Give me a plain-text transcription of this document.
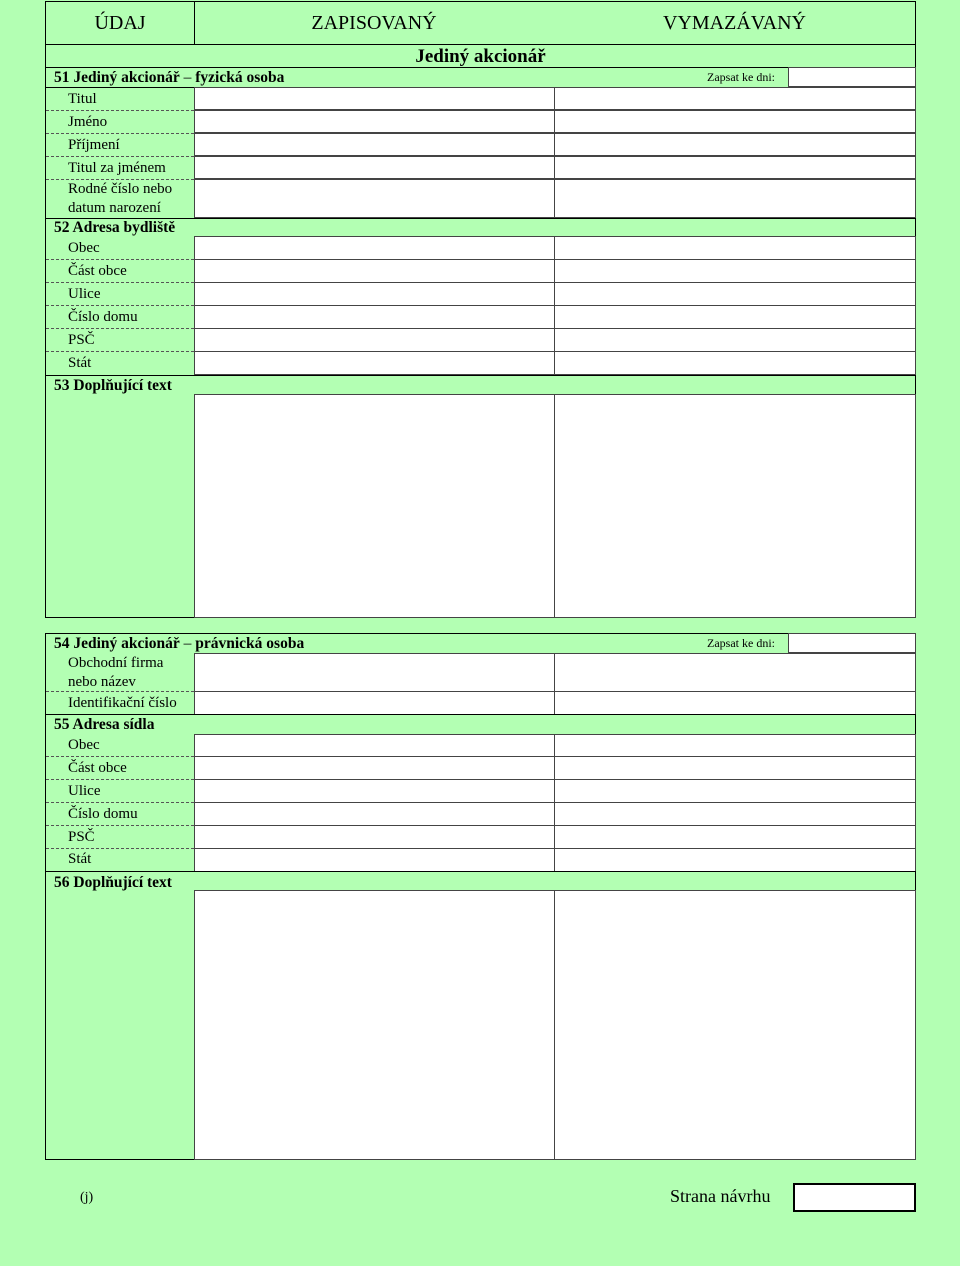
ÚDAJ	ZAPISOVANÝ	VYMAZÁVANÝ
Jediný akcionář
51 Jediný akcionář – fyzická osoba	Zapsat ke dni:
Titul
Jméno
Příjmení
Titul za jménem
Rodné číslo nebo
datum narození
52 Adresa bydliště
Obec
Část obce
Ulice
Číslo domu
PSČ
Stát
53 Doplňující text
54 Jediný akcionář – právnická osoba	Zapsat ke dni:
Obchodní firma
nebo název
Identifikační číslo
55 Adresa sídla
Obec
Část obce
Ulice
Číslo domu
PSČ
Stát
56 Doplňující text
(j)	Strana návrhu
